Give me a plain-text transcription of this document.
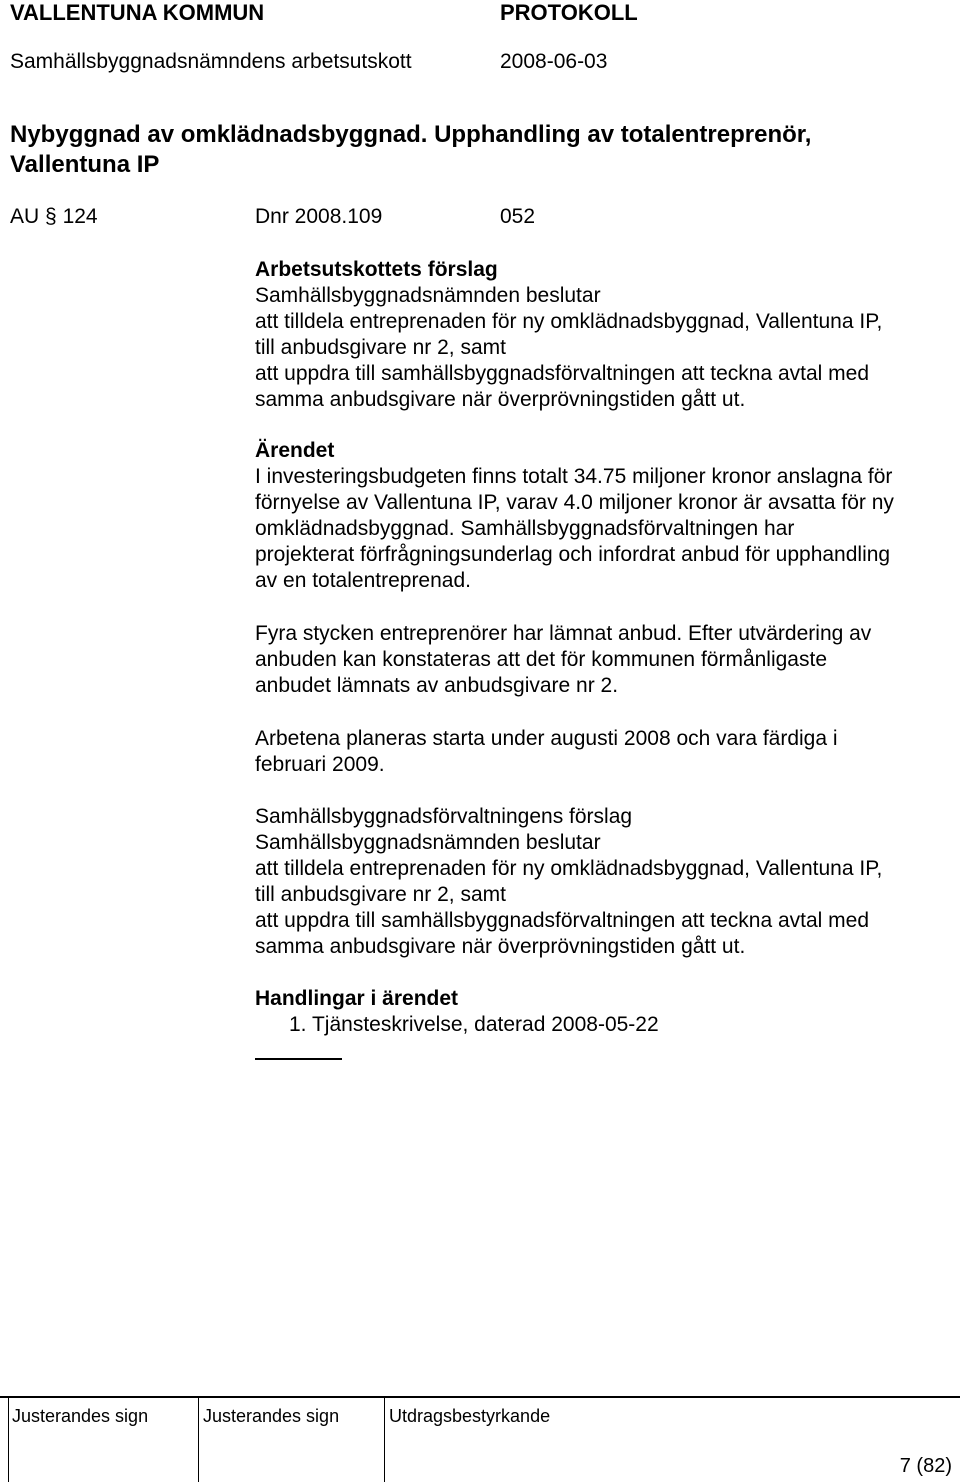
VALLENTUNA KOMMUN	PROTOKOLL
Samhällsbyggnadsnämndens arbetsutskott	2008-06-03
Nybyggnad av omklädnadsbyggnad. Upphandling av totalentreprenör,
Vallentuna IP
AU § 124	Dnr 2008.109	052
Arbetsutskottets förslag
Samhällsbyggnadsnämnden beslutar
att tilldela entreprenaden för ny omklädnadsbyggnad, Vallentuna IP,
till anbudsgivare nr 2, samt
att uppdra till samhällsbyggnadsförvaltningen att teckna avtal med
samma anbudsgivare när överprövningstiden gått ut.
Ärendet
I investeringsbudgeten finns totalt 34.75 miljoner kronor anslagna för
förnyelse av Vallentuna IP, varav 4.0 miljoner kronor är avsatta för ny
omklädnadsbyggnad. Samhällsbyggnadsförvaltningen har
projekterat förfrågningsunderlag och infordrat anbud för upphandling
av en totalentreprenad.
Fyra stycken entreprenörer har lämnat anbud. Efter utvärdering av
anbuden kan konstateras att det för kommunen förmånligaste
anbudet lämnats av anbudsgivare nr 2.
Arbetena planeras starta under augusti 2008 och vara färdiga i
februari 2009.
Samhällsbyggnadsförvaltningens förslag
Samhällsbyggnadsnämnden beslutar
att tilldela entreprenaden för ny omklädnadsbyggnad, Vallentuna IP,
till anbudsgivare nr 2, samt
att uppdra till samhällsbyggnadsförvaltningen att teckna avtal med
samma anbudsgivare när överprövningstiden gått ut.
Handlingar i ärendet
1. Tjänsteskrivelse, daterad 2008-05-22
Justerandes sign	Justerandes sign	Utdragsbestyrkande
7 (82)
